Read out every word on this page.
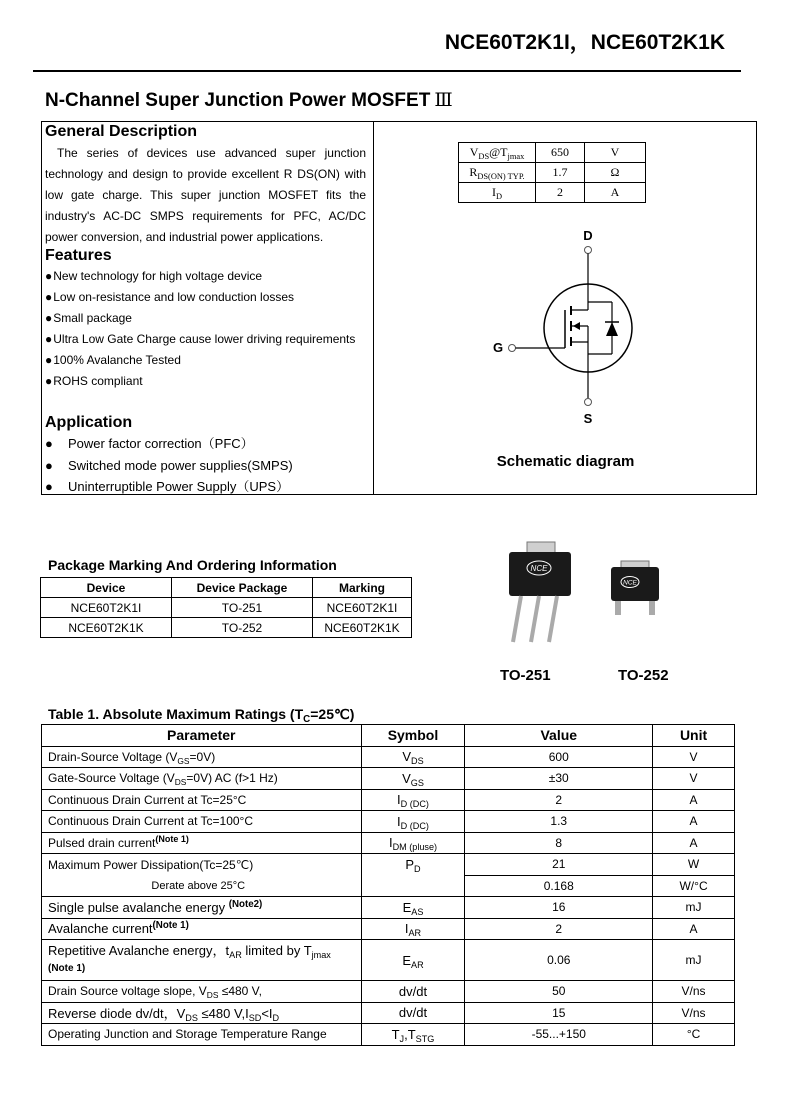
NCE60T2K1I，NCE60T2K1K
N-Channel Super Junction Power MOSFET Ⅲ
General Description
The series of devices use advanced super junction technology and design to provide excellent R DS(ON) with low gate charge. This super junction MOSFET fits the industry's AC-DC SMPS requirements for PFC, AC/DC power conversion, and industrial power applications.
Features
● New technology for high voltage device
● Low on-resistance and low conduction losses
● Small package
● Ultra Low Gate Charge cause lower driving requirements
● 100% Avalanche Tested
● ROHS compliant
Application
● Power factor correction（PFC）
● Switched mode power supplies(SMPS)
● Uninterruptible Power Supply（UPS）
$V_{DS}@T_{jmax}$	650	V
$R_{DS(ON) TYP.}$	1.7	Ω
$I_D$	2	A
D
G
S
Schematic diagram
Package Marking And Ordering Information
Device	Device Package	Marking
NCE60T2K1I	TO-251	NCE60T2K1I
NCE60T2K1K	TO-252	NCE60T2K1K
NCE
NCE
TO-251	TO-252
Table 1. Absolute Maximum Ratings $(T_C=25℃)$
Parameter	Symbol	Value	Unit
Drain-Source Voltage $(V_{GS}=0V)$	$V_{DS}$	600	V
Gate-Source Voltage $(V_{DS}=0V)$ AC (f>1 Hz)	$V_{GS}$	±30	V
Continuous Drain Current at Tc=25°C	$I_{D (DC)}$	2	A
Continuous Drain Current at Tc=100°C	$I_{D (DC)}$	1.3	A
Pulsed drain current$^{(Note 1)}$	$I_{DM (pluse)}$	8	A
Maximum Power Dissipation(Tc=25℃)	$P_D$	21	W
Derate above 25°C		0.168	W/°C
Single pulse avalanche energy $^{(Note2)}$	$E_{AS}$	16	mJ
Avalanche current$^{(Note 1)}$	$I_{AR}$	2	A
Repetitive Avalanche energy，$t_{AR}$ limited by $T_{jmax}$
(Note 1)	$E_{AR}$	0.06	mJ
Drain Source voltage slope, $V_{DS} \le 480$ V,	dv/dt	50	V/ns
Reverse diode dv/dt，$V_{DS} \le 480$ $V,I_{SD}<I_D$	dv/dt	15	V/ns
Operating Junction and Storage Temperature Range	$T_J,T_{STG}$	-55...+150	°C
